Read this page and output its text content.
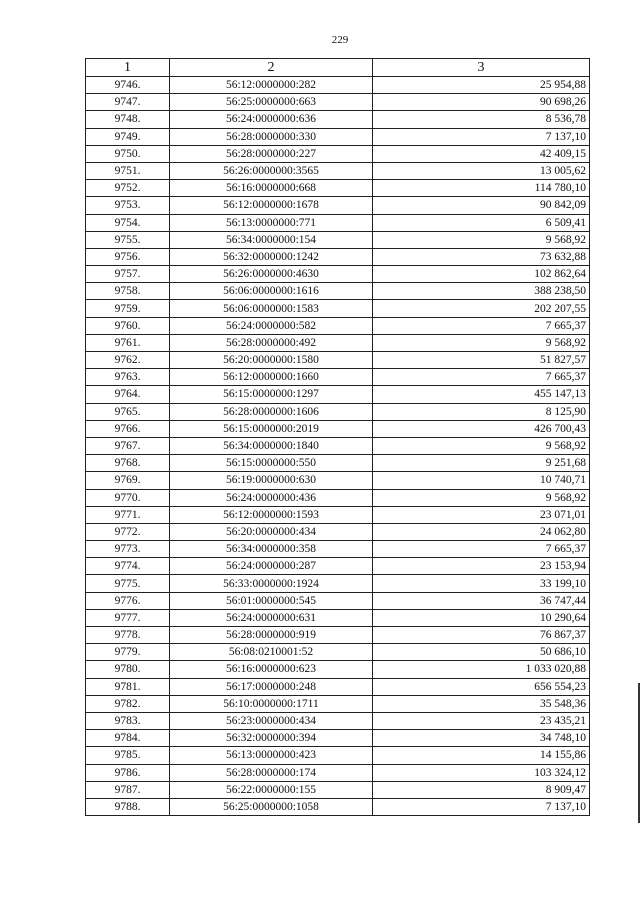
229
1	2	3
9746.	56:12:0000000:282	25 954,88
9747.	56:25:0000000:663	90 698,26
9748.	56:24:0000000:636	8 536,78
9749.	56:28:0000000:330	7 137,10
9750.	56:28:0000000:227	42 409,15
9751.	56:26:0000000:3565	13 005,62
9752.	56:16:0000000:668	114 780,10
9753.	56:12:0000000:1678	90 842,09
9754.	56:13:0000000:771	6 509,41
9755.	56:34:0000000:154	9 568,92
9756.	56:32:0000000:1242	73 632,88
9757.	56:26:0000000:4630	102 862,64
9758.	56:06:0000000:1616	388 238,50
9759.	56:06:0000000:1583	202 207,55
9760.	56:24:0000000:582	7 665,37
9761.	56:28:0000000:492	9 568,92
9762.	56:20:0000000:1580	51 827,57
9763.	56:12:0000000:1660	7 665,37
9764.	56:15:0000000:1297	455 147,13
9765.	56:28:0000000:1606	8 125,90
9766.	56:15:0000000:2019	426 700,43
9767.	56:34:0000000:1840	9 568,92
9768.	56:15:0000000:550	9 251,68
9769.	56:19:0000000:630	10 740,71
9770.	56:24:0000000:436	9 568,92
9771.	56:12:0000000:1593	23 071,01
9772.	56:20:0000000:434	24 062,80
9773.	56:34:0000000:358	7 665,37
9774.	56:24:0000000:287	23 153,94
9775.	56:33:0000000:1924	33 199,10
9776.	56:01:0000000:545	36 747,44
9777.	56:24:0000000:631	10 290,64
9778.	56:28:0000000:919	76 867,37
9779.	56:08:0210001:52	50 686,10
9780.	56:16:0000000:623	1 033 020,88
9781.	56:17:0000000:248	656 554,23
9782.	56:10:0000000:1711	35 548,36
9783.	56:23:0000000:434	23 435,21
9784.	56:32:0000000:394	34 748,10
9785.	56:13:0000000:423	14 155,86
9786.	56:28:0000000:174	103 324,12
9787.	56:22:0000000:155	8 909,47
9788.	56:25:0000000:1058	7 137,10
